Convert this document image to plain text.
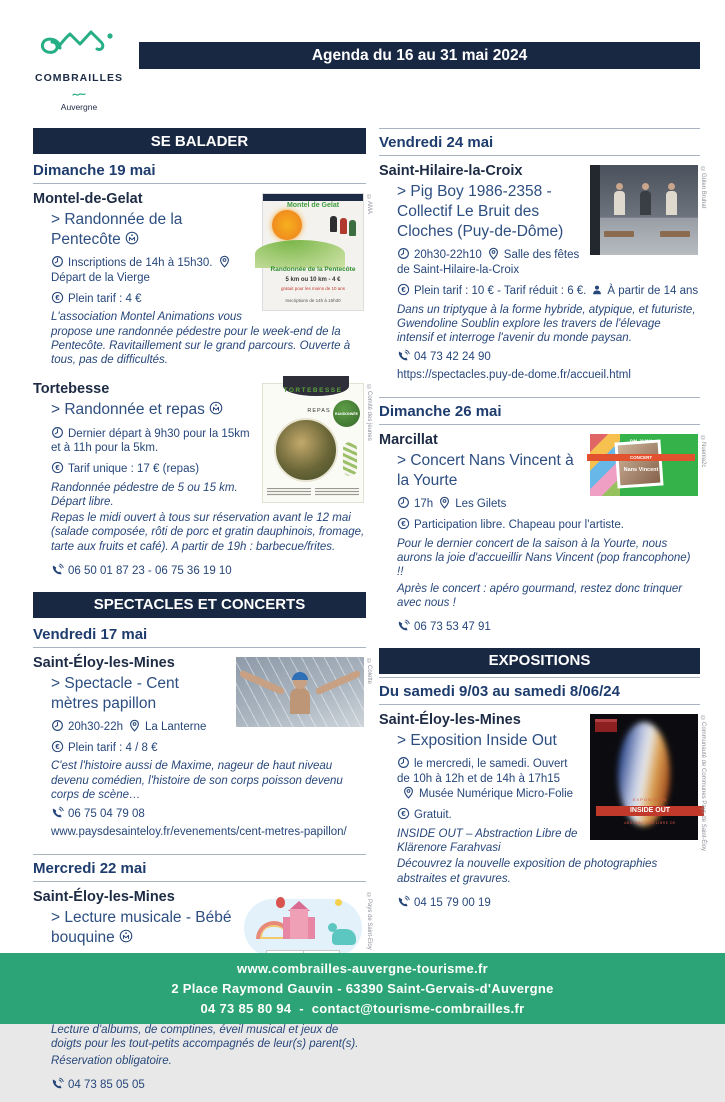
COMBRAILLES
Auvergne
Agenda du 16 au 31 mai 2024
SE BALADER
Dimanche 19 mai
Montel de Gelat
Randonnée de la Pentecôte
5 km ou 10 km - 4 €
gratuit pour les moins de 10 ans
Inscriptions de 14h à 15h30
©AMA
Montel-de-Gelat
> Randonnée de la Pentecôte

Inscriptions de 14h à 15h30.Départ de la Vierge

Plein tarif : 4 €

L'association Montel Animations vous propose une randonnée pédestre pour le week-end de la Pentecôte. Ravitaillement sur le grand parcours. Ouverte à tous, pas de difficultés.

TORTEBESSE
REPAS	RANDONNÉE	©Comité des jeunes
Tortebesse
> Randonnée et repas

Dernier départ à 9h30 pour la 15km et à 11h pour la 5km.

Tarif unique : 17 € (repas)

Randonnée pédestre de 5 ou 15 km. Départ libre.

Repas le midi ouvert à tous sur réservation avant le 12 mai (salade composée, rôti de porc et gratin dauphinois, fromage, tarte aux fruits et café). A partir de 19h : barbecue/frites.

06 50 01 87 23 - 06 75 36 19 10

SPECTACLES ET CONCERTS
Vendredi 17 mai
©Colette
Saint-Éloy-les-Mines
> Spectacle - Cent mètres papillon

20h30-22h La Lanterne

Plein tarif : 4 / 8 €

C'est l'histoire aussi de Maxime, nageur de haut niveau devenu comédien, l'histoire de son corps poisson devenu corps de scène…

06 75 04 79 08

www.paysdesainteloy.fr/evenements/cent-metres-papillon/

Mercredi 22 mai
©Pays de Saint-Eloy
Saint-Éloy-les-Mines
> Lecture musicale - Bébé bouquine

Lecture d'albums, de comptines, éveil musical et jeux de doigts pour les tout-petits accompagnés de leur(s) parent(s).

Réservation obligatoire.

04 73 85 05 05

Vendredi 24 mai
©Gülen Bruhat
Saint-Hilaire-la-Croix
> Pig Boy 1986-2358 - Collectif Le Bruit des Cloches (Puy-de-Dôme)

20h30-22h10 Salle des fêtes de Saint-Hilaire-la-Croix

Plein tarif : 10 € - Tarif réduit : 6 €. À partir de 14 ans

Dans un triptyque à la forme hybride, atypique, et futuriste, Gwendoline Soublin explore les travers de l'élevage intensif et interroge l'avenir du monde paysan.

04 73 42 24 90

https://spectacles.puy-de-dome.fr/accueil.html

Dimanche 26 mai
DIM. 26 MAI
CONCERT
Nans Vincent
©Nuenia2c
Marcillat
> Concert Nans Vincent à la Yourte

17h Les Gilets

Participation libre. Chapeau pour l'artiste.

Pour le dernier concert de la saison à la Yourte, nous aurons la joie d'accueillir Nans Vincent (pop francophone) !!

Après le concert : apéro gourmand, restez donc trinquer avec nous !

06 73 53 47 91

EXPOSITIONS
Du samedi 9/03 au samedi 8/06/24
EXPOSITION
INSIDE OUT
ABSTRACTION LIBRE DE	©Communauté de Communes Pays de Saint-Éloy
Saint-Éloy-les-Mines
> Exposition Inside Out

le mercredi, le samedi. Ouvert de 10h à 12h et de 14h à 17h15Musée Numérique Micro-Folie

Gratuit.

INSIDE OUT – Abstraction Libre de Klärenore Farahvasi

Découvrez la nouvelle exposition de photographies abstraites et gravures.

04 15 79 00 19

www.combrailles-auvergne-tourisme.fr
2 Place Raymond Gauvin - 63390 Saint-Gervais-d'Auvergne
04 73 85 80 94 - contact@tourisme-combrailles.fr
